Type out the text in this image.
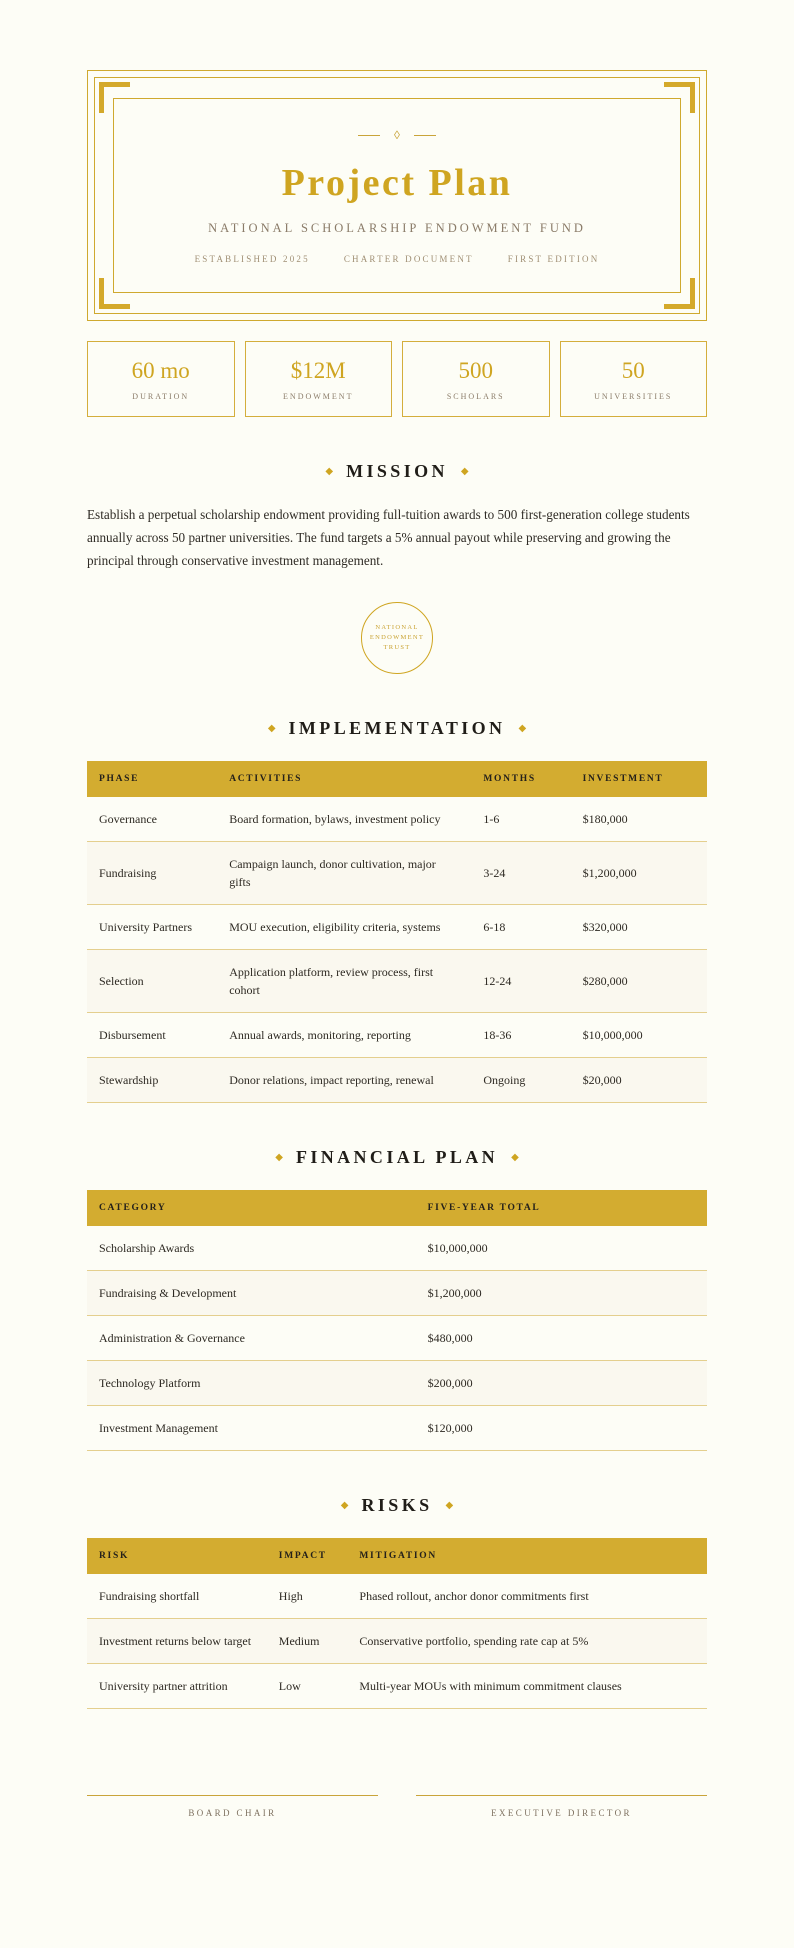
◊
Project Plan
NATIONAL SCHOLARSHIP ENDOWMENT FUND
ESTABLISHED 2025	CHARTER DOCUMENT	FIRST EDITION
60 mo
DURATION
$12M
ENDOWMENT
500
SCHOLARS
50
UNIVERSITIES
◆ MISSION ◆

Establish a perpetual scholarship endowment providing full-tuition awards to 500 first-generation college students annually across 50 partner universities. The fund targets a 5% annual payout while preserving and growing the principal through conservative investment management.

NATIONAL
ENDOWMENT
TRUST
◆ IMPLEMENTATION ◆
PHASE	ACTIVITIES	MONTHS	INVESTMENT
Governance	Board formation, bylaws, investment policy	1-6	$180,000
Fundraising	Campaign launch, donor cultivation, major gifts	3-24	$1,200,000
University Partners	MOU execution, eligibility criteria, systems	6-18	$320,000
Selection	Application platform, review process, first cohort	12-24	$280,000
Disbursement	Annual awards, monitoring, reporting	18-36	$10,000,000
Stewardship	Donor relations, impact reporting, renewal	Ongoing	$20,000
◆ FINANCIAL PLAN ◆
CATEGORY	FIVE-YEAR TOTAL
Scholarship Awards	$10,000,000
Fundraising & Development	$1,200,000
Administration & Governance	$480,000
Technology Platform	$200,000
Investment Management	$120,000
◆ RISKS ◆
RISK	IMPACT	MITIGATION
Fundraising shortfall	High	Phased rollout, anchor donor commitments first
Investment returns below target	Medium	Conservative portfolio, spending rate cap at 5%
University partner attrition	Low	Multi-year MOUs with minimum commitment clauses
BOARD CHAIR	EXECUTIVE DIRECTOR
